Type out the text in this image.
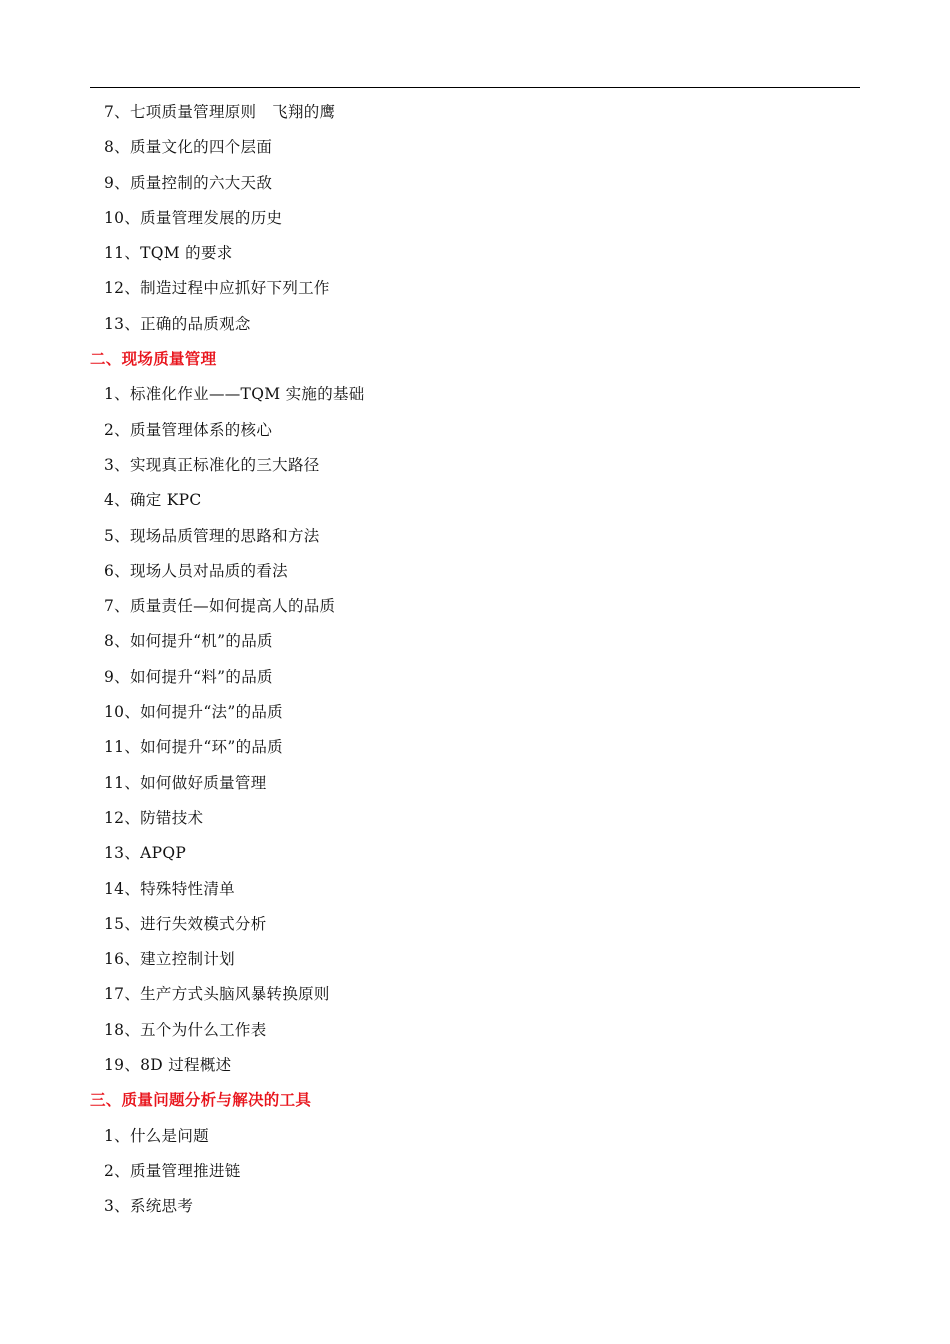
7、七项质量管理原则　飞翔的鹰
8、质量文化的四个层面
9、质量控制的六大天敌
10、质量管理发展的历史
11、TQM 的要求
12、制造过程中应抓好下列工作
13、正确的品质观念
二、现场质量管理
1、标准化作业——TQM 实施的基础
2、质量管理体系的核心
3、实现真正标准化的三大路径
4、确定 KPC
5、现场品质管理的思路和方法
6、现场人员对品质的看法
7、质量责任—如何提高人的品质
8、如何提升“机”的品质
9、如何提升“料”的品质
10、如何提升“法”的品质
11、如何提升“环”的品质
11、如何做好质量管理
12、防错技术
13、APQP
14、特殊特性清单
15、进行失效模式分析
16、建立控制计划
17、生产方式头脑风暴转换原则
18、五个为什么工作表
19、8D 过程概述
三、质量问题分析与解决的工具
1、什么是问题
2、质量管理推进链
3、系统思考
